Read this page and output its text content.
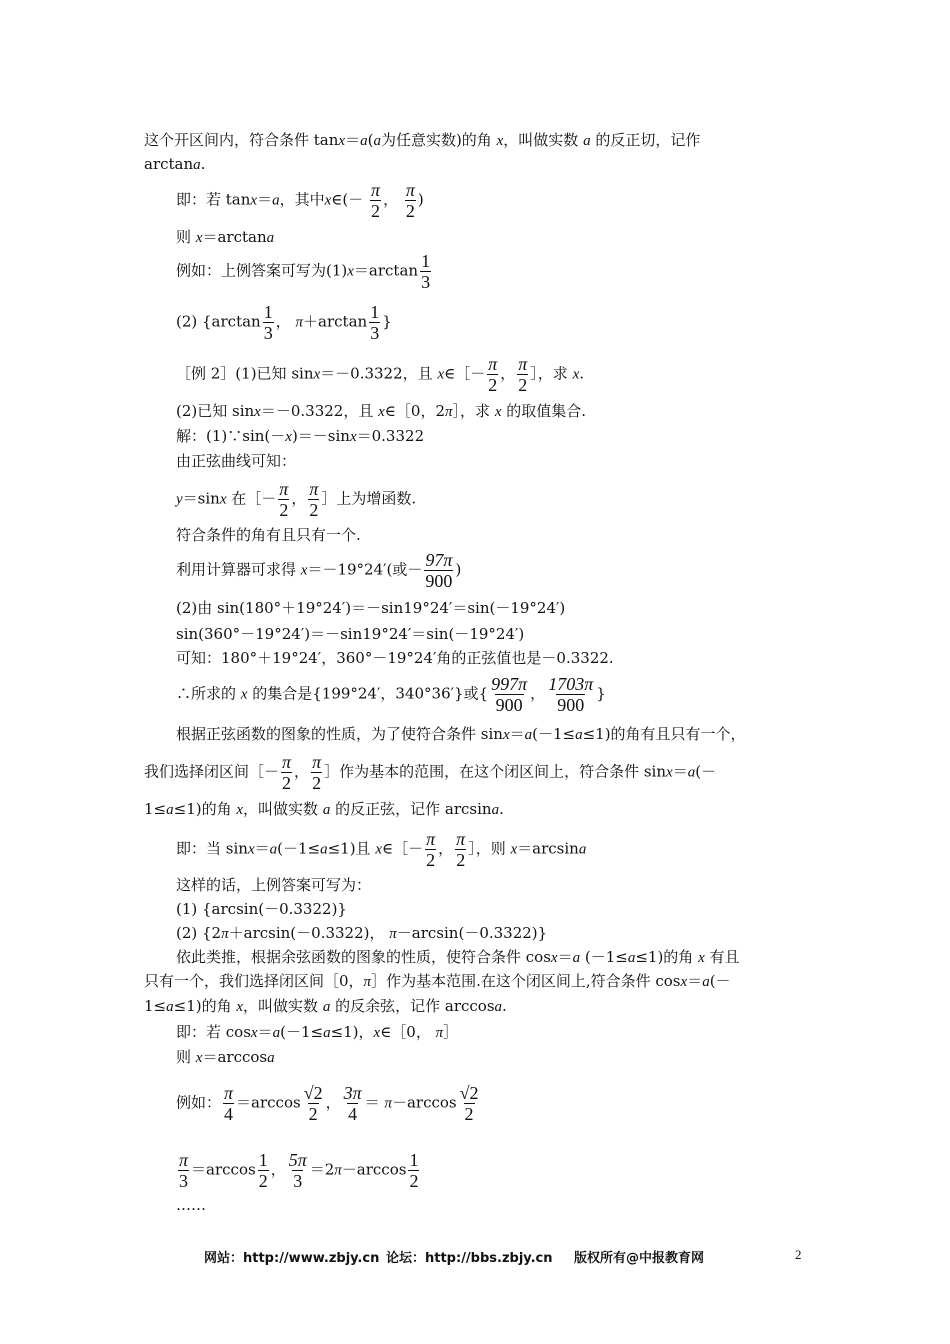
这个开区间内，符合条件 tanx＝a(a为任意实数)的角 x，叫做实数 a 的反正切，记作
arctana.
即：若 tanx＝a，其中x∈(－ $\frac{\pi}{2}$ ， $\frac{\pi}{2}$ )
则 x＝arctana
例如：上例答案可写为$(1)x=\arctan \frac{1}{3}$
(2) {$\arctan \frac{1}{3}$ ， $\pi+\arctan \frac{1}{3}$ }
［例 2］(1)已知 sinx＝－0.3322，且 x∈［－ $\frac{\pi}{2}$ ， $\frac{\pi}{2}$ ］，求 x.
(2)已知 sinx＝－0.3322，且 x∈［0，2π］，求 x 的取值集合.
解：(1)∵sin(－x)＝－sinx＝0.3322
由正弦曲线可知：
y＝sinx 在［－ $\frac{\pi}{2}$ ， $\frac{\pi}{2}$ ］上为增函数.
符合条件的角有且只有一个.
利用计算器可求得 x＝－19°24′(或－ $\frac{97\pi}{900}$ )
(2)由 sin(180°＋19°24′)＝－sin19°24′＝sin(－19°24′)
sin(360°－19°24′)＝－sin19°24′＝sin(－19°24′)
可知：180°＋19°24′，360°－19°24′角的正弦值也是－0.3322.
∴所求的 x 的集合是{199°24′，340°36′}或{ $\frac{997\pi}{900}$ ， $\frac{1703\pi}{900}$ }
根据正弦函数的图象的性质，为了使符合条件 sinx＝a(－1≤a≤1)的角有且只有一个，
我们选择闭区间［－ $\frac{\pi}{2}$ ， $\frac{\pi}{2}$ ］作为基本的范围，在这个闭区间上，符合条件 sinx＝a(－
1≤a≤1)的角 x，叫做实数 a 的反正弦，记作 arcsina.
即：当 sinx＝a(－1≤a≤1)且 x∈［－ $\frac{\pi}{2}$ ， $\frac{\pi}{2}$ ］，则 x＝arcsina
这样的话，上例答案可写为：
(1) {arcsin(－0.3322)}
(2) {2π＋arcsin(－0.3322)， π－arcsin(－0.3322)}
依此类推，根据余弦函数的图象的性质，使符合条件 cosx＝a (－1≤a≤1)的角 x 有且
只有一个，我们选择闭区间［0，π］作为基本范围.在这个闭区间上,符合条件 cosx＝a(－
1≤a≤1)的角 x，叫做实数 a 的反余弦，记作 arccosa.
即：若 cosx＝a(－1≤a≤1)，x∈［0， π］
则 x＝arccosa
例如： $\frac{\pi}{4} =\arccos \frac{√2}{2}$ ， $\frac{3\pi}{4} = \pi-\arccos \frac{√2}{2}$
$\frac{\pi}{3} =\arccos \frac{1}{2}$ ， $\frac{5\pi}{3} =2\pi-\arccos \frac{1}{2}$
……
网站：http://www.zbjy.cn 论坛：http://bbs.zbjy.cn 版权所有@中报教育网	2
